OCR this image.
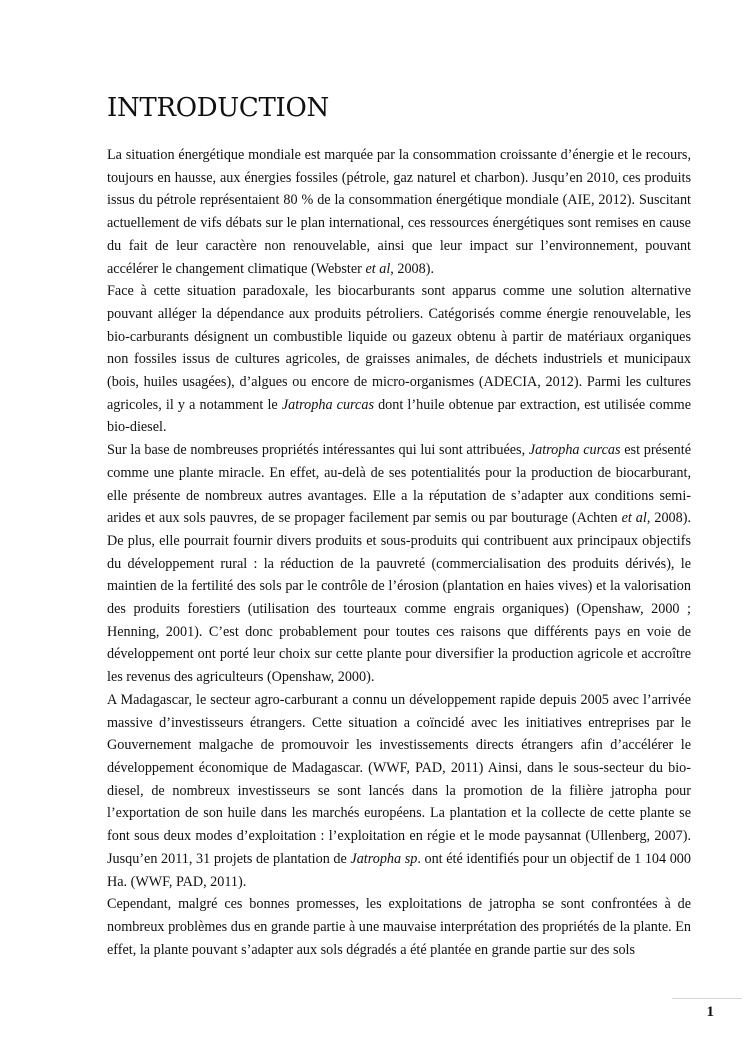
INTRODUCTION

La situation énergétique mondiale est marquée par la consommation croissante d’énergie et le recours, toujours en hausse, aux énergies fossiles (pétrole, gaz naturel et charbon). Jusqu’en 2010, ces produits issus du pétrole représentaient 80 % de la consommation énergétique mondiale (AIE, 2012). Suscitant actuellement de vifs débats sur le plan international, ces ressources énergétiques sont remises en cause du fait de leur caractère non renouvelable, ainsi que leur impact sur l’environnement, pouvant accélérer le changement climatique (Webster et al, 2008).

Face à cette situation paradoxale, les biocarburants sont apparus comme une solution alternative pouvant alléger la dépendance aux produits pétroliers. Catégorisés comme énergie renouvelable, les bio-carburants désignent un combustible liquide ou gazeux obtenu à partir de matériaux organiques non fossiles issus de cultures agricoles, de graisses animales, de déchets industriels et municipaux (bois, huiles usagées), d’algues ou encore de micro-organismes (ADECIA, 2012). Parmi les cultures agricoles, il y a notamment le Jatropha curcas dont l’huile obtenue par extraction, est utilisée comme bio-diesel.

Sur la base de nombreuses propriétés intéressantes qui lui sont attribuées, Jatropha curcas est présenté comme une plante miracle. En effet, au-delà de ses potentialités pour la production de biocarburant, elle présente de nombreux autres avantages. Elle a la réputation de s’adapter aux conditions semi-arides et aux sols pauvres, de se propager facilement par semis ou par bouturage (Achten et al, 2008). De plus, elle pourrait fournir divers produits et sous-produits qui contribuent aux principaux objectifs du développement rural : la réduction de la pauvreté (commercialisation des produits dérivés), le maintien de la fertilité des sols par le contrôle de l’érosion (plantation en haies vives) et la valorisation des produits forestiers (utilisation des tourteaux comme engrais organiques) (Openshaw, 2000 ; Henning, 2001). C’est donc probablement pour toutes ces raisons que différents pays en voie de développement ont porté leur choix sur cette plante pour diversifier la production agricole et accroître les revenus des agriculteurs (Openshaw, 2000).

A Madagascar, le secteur agro-carburant a connu un développement rapide depuis 2005 avec l’arrivée massive d’investisseurs étrangers. Cette situation a coïncidé avec les initiatives entreprises par le Gouvernement malgache de promouvoir les investissements directs étrangers afin d’accélérer le développement économique de Madagascar. (WWF, PAD, 2011) Ainsi, dans le sous-secteur du bio-diesel, de nombreux investisseurs se sont lancés dans la promotion de la filière jatropha pour l’exportation de son huile dans les marchés européens. La plantation et la collecte de cette plante se font sous deux modes d’exploitation : l’exploitation en régie et le mode paysannat (Ullenberg, 2007). Jusqu’en 2011, 31 projets de plantation de Jatropha sp. ont été identifiés pour un objectif de 1 104 000 Ha. (WWF, PAD, 2011).

Cependant, malgré ces bonnes promesses, les exploitations de jatropha se sont confrontées à de nombreux problèmes dus en grande partie à une mauvaise interprétation des propriétés de la plante. En effet, la plante pouvant s’adapter aux sols dégradés a été plantée en grande partie sur des sols

1
